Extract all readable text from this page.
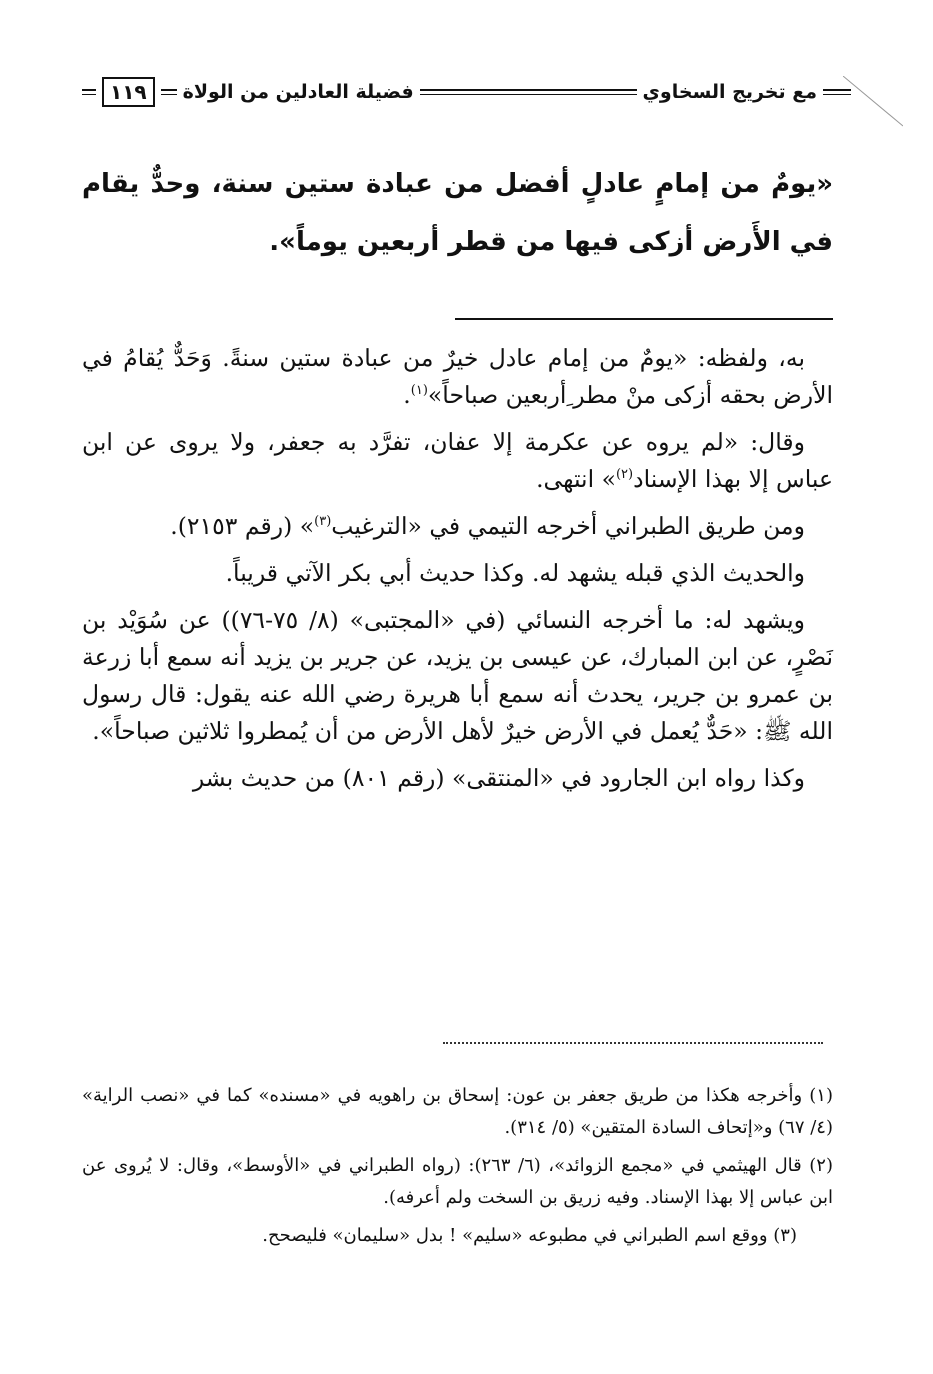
١١٩	فضيلة العادلين من الولاة	مع تخريج السخاوي
«يومٌ من إمامٍ عادلٍ أفضل من عبادة ستين سنة، وحدٌّ يقام في الأَرض أزكى فيها من قطر أربعين يوماً».

به، ولفظه: «يومٌ من إمام عادل خيرٌ من عبادة ستين سنةً. وَحَدٌّ يُقامُ في الأرض بحقه أزكى منْ مطر ِأربعين صباحاً»$^{(١)}$.

وقال: «لم يروه عن عكرمة إلا عفان، تفرَّد به جعفر، ولا يروى عن ابن عباس إلا بهذا الإسناد$^{(٢)}$» انتهى.

ومن طريق الطبراني أخرجه التيمي في «الترغيب$^{(٣)}$» (رقم ٢١٥٣).

والحديث الذي قبله يشهد له. وكذا حديث أبي بكر الآتي قريباً.

ويشهد له: ما أخرجه النسائي (في «المجتبى» (٨/ ٧٥-٧٦)) عن سُوَيْد بن نَصْرٍ، عن ابن المبارك، عن عيسى بن يزيد، عن جرير بن يزيد أنه سمع أبا زرعة بن عمرو بن جرير، يحدث أنه سمع أبا هريرة رضي الله عنه يقول: قال رسول الله ﷺ: «حَدٌّ يُعمل في الأرض خيرٌ لأهل الأرض من أن يُمطروا ثلاثين صباحاً».

وكذا رواه ابن الجارود في «المنتقى» (رقم ٨٠١) من حديث بشر

(١) وأخرجه هكذا من طريق جعفر بن عون: إسحاق بن راهويه في «مسنده» كما في «نصب الراية» (٤/ ٦٧) و«إتحاف السادة المتقين» (٥/ ٣١٤).

(٢) قال الهيثمي في «مجمع الزوائد»، (٦/ ٢٦٣): (رواه الطبراني في «الأوسط»، وقال: لا يُروى عن ابن عباس إلا بهذا الإسناد. وفيه زريق بن السخت ولم أعرفه).

(٣) ووقع اسم الطبراني في مطبوعه «سليم» ! بدل «سليمان» فليصحح.
